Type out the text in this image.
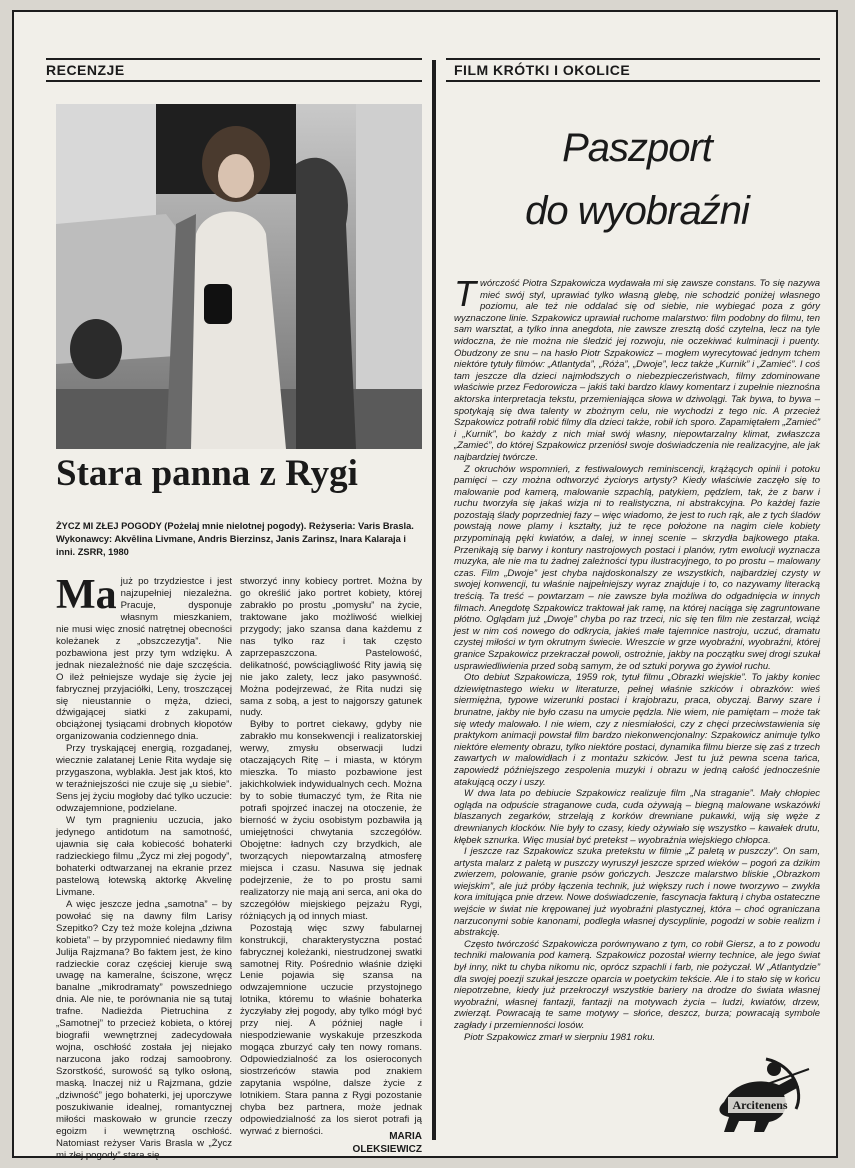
RECENZJE	FILM KRÓTKI I OKOLICE
Stara panna z Rygi
ŻYCZ MI ZŁEJ POGODY (Pożelaj mnie nielotnej pogody). Reżyseria: Varis Brasla. Wykonawcy: Akvēlina Livmane, Andris Bierzinsz, Janis Zarinsz, Inara Kalaraja i inni. ZSRR, 1980

Ma już po trzydziestce i jest najzupełniej niezależna. Pracuje, dysponuje własnym mieszkaniem, nie musi więc znosić natrętnej obecności koleżanek z „obszczezytja”. Nie pozbawiona jest przy tym wdzięku. A jednak niezależność nie daje szczęścia. O ileż pełniejsze wydaje się życie jej fabrycznej przyjaciółki, Leny, troszczącej się nieustannie o męża, dzieci, dźwigającej siatki z zakupami, obciążonej tysiącami drobnych kłopotów organizowania codziennego dnia.

Przy tryskającej energią, rozgadanej, wiecznie zalatanej Lenie Rita wydaje się przygaszona, wyblakła. Jest jak ktoś, kto w teraźniejszości nie czuje się „u siebie”. Sens jej życiu mogłoby dać tylko uczucie: odwzajemnione, podzielane.

W tym pragnieniu uczucia, jako jedynego antidotum na samotność, ujawnia się cała kobiecość bohaterki radzieckiego filmu „Życz mi złej pogody”, bohaterki odtwarzanej na ekranie przez pastelową łotewską aktorkę Akvelinę Livmane.

A więc jeszcze jedna „samotna” – by powołać się na dawny film Larisy Szepitko? Czy też może kolejna „dziwna kobieta” – by przypomnieć niedawny film Julija Rajzmana? Bo faktem jest, że kino radzieckie coraz częściej kieruje swą uwagę na kameralne, ściszone, wręcz banalne „mikrodramaty” powszedniego dnia. Ale nie, te porównania nie są tutaj trafne. Nadieżda Pietruchina z „Samotnej” to przecież kobieta, o której biografii wewnętrznej zadecydowała wojna, oschłość została jej niejako narzucona jako rodzaj samoobrony. Szorstkość, surowość są tylko osłoną, maską. Inaczej niż u Rajzmana, gdzie „dziwność” jego bohaterki, jej uporczywe poszukiwanie idealnej, romantycznej miłości maskowało w gruncie rzeczy egoizm i wewnętrzną oschłość. Natomiast reżyser Varis Brasla w „Życz mi złej pogody” stara się

stworzyć inny kobiecy portret. Można by go określić jako portret kobiety, której zabrakło po prostu „pomysłu” na życie, traktowane jako możliwość wielkiej przygody; jako szansa dana każdemu z nas tylko raz i tak często zaprzepaszczona. Pastelowość, delikatność, powściągliwość Rity jawią się nie jako zalety, lecz jako pasywność. Można podejrzewać, że Rita nudzi się sama z sobą, a jest to najgorszy gatunek nudy.

Byłby to portret ciekawy, gdyby nie zabrakło mu konsekwencji i realizatorskiej werwy, zmysłu obserwacji ludzi otaczających Ritę – i miasta, w którym mieszka. To miasto pozbawione jest jakichkolwiek indywidualnych cech. Można by to sobie tłumaczyć tym, że Rita nie potrafi spojrzeć inaczej na otoczenie, że bierność w życiu osobistym pozbawiła ją umiejętności chwytania szczegółów. Obojętne: ładnych czy brzydkich, ale tworzących niepowtarzalną atmosferę miejsca i czasu. Nasuwa się jednak podejrzenie, że to po prostu sami realizatorzy nie mają ani serca, ani oka do szczegółów miejskiego pejzażu Rygi, różniących ją od innych miast.

Pozostają więc szwy fabularnej konstrukcji, charakterystyczna postać fabrycznej koleżanki, niestrudzonej swatki samotnej Rity. Pośrednio właśnie dzięki Lenie pojawia się szansa na odwzajemnione uczucie przystojnego lotnika, któremu to właśnie bohaterka życzyłaby złej pogody, aby tylko mógł być przy niej. A później nagłe i niespodziewanie wyskakuje przeszkoda mogąca zburzyć cały ten nowy romans. Odpowiedzialność za los osieroconych siostrzeńców stawia pod znakiem zapytania wspólne, dalsze życie z lotnikiem. Stara panna z Rygi pozostanie chyba bez partnera, może jednak odpowiedzialność za los sierot potrafi ją wyrwać z bierności.	MARIA
OLEKSIEWICZ
Paszport
do wyobraźni

Twórczość Piotra Szpakowicza wydawała mi się zawsze constans. To się nazywa mieć swój styl, uprawiać tylko własną glebę, nie schodzić poniżej własnego poziomu, ale też nie oddalać się od siebie, nie wybiegać poza z góry wyznaczone linie. Szpakowicz uprawiał ruchome malarstwo: film podobny do filmu, ten sam warsztat, a tylko inna anegdota, nie zawsze zresztą dość czytelna, lecz na tyle widoczna, że nie można nie śledzić jej rozwoju, nie oczekiwać kulminacji i puenty. Obudzony ze snu – na hasło Piotr Szpakowicz – mogłem wyrecytować jednym tchem niektóre tytuły filmów: „Atlantyda”, „Róża”, „Dwoje”, lecz także „Kurnik” i „Zamieć”. I coś tam jeszcze dla dzieci najmłodszych o niebezpieczeństwach, filmy zdominowane właściwie przez Fedorowicza – jakiś taki bardzo klawy komentarz i zupełnie nieznośna aktorska interpretacja tekstu, przemieniająca słowa w dziwolągi. Tak bywa, to bywa – spotykają się dwa talenty w zbożnym celu, nie wychodzi z tego nic. A przecież Szpakowicz potrafił robić filmy dla dzieci także, robił ich sporo. Zapamiętałem „Zamieć” i „Kurnik”, bo każdy z nich miał swój własny, niepowtarzalny klimat, zwłaszcza „Zamieć”, do której Szpakowicz przeniósł swoje doświadczenia nie realizacyjne, ale jak najbardziej twórcze.

Z okruchów wspomnień, z festiwalowych reminiscencji, krążących opinii i potoku pamięci – czy można odtworzyć życiorys artysty? Kiedy właściwie zaczęło się to malowanie pod kamerą, malowanie szpachlą, patykiem, pędzlem, tak, że z barw i ruchu tworzyła się jakaś wizja ni to realistyczna, ni abstrakcyjna. Po każdej fazie pozostają ślady poprzedniej fazy – więc wiadomo, że jest to ruch rąk, ale z tych śladów powstają nowe plamy i kształty, już te ręce położone na nagim ciele kobiety przypominają pęki kwiatów, a dalej, w innej scenie – skrzydła bajkowego ptaka. Przenikają się barwy i kontury nastrojowych postaci i planów, rytm ewolucji wyznacza muzyka, ale nie ma tu żadnej zależności typu ilustracyjnego, to po prostu – malowany czas. Film „Dwoje” jest chyba najdoskonalszy ze wszystkich, najbardziej czysty w swojej konwencji, tu właśnie najpełniejszy wyraz znajduje i to, co nazywamy literacką treścią. Ta treść – powtarzam – nie zawsze była możliwa do odgadnięcia w innych filmach. Anegdotę Szpakowicz traktował jak ramę, na której naciąga się zagruntowane płótno. Oglądam już „Dwoje” chyba po raz trzeci, nic się ten film nie zestarzał, wciąż jest w nim coś nowego do odkrycia, jakieś małe tajemnice nastroju, uczuć, dramatu czystej miłości w tym okrutnym świecie. Wreszcie w grze wyobraźni, wyobraźni, której granice Szpakowicz przekraczał powoli, ostrożnie, jakby na początku swej drogi szukał usprawiedliwienia przed sobą samym, że od sztuki porywa go żywioł ruchu.

Oto debiut Szpakowicza, 1959 rok, tytuł filmu „Obrazki wiejskie”. To jakby koniec dziewiętnastego wieku w literaturze, pełnej właśnie szkiców i obrazków: wieś siermiężna, typowe wizerunki postaci i krajobrazu, praca, obyczaj. Barwy szare i brunatne, jakby nie było czasu na umycie pędzla. Nie wiem, nie pamiętam – może tak się wtedy malowało. I nie wiem, czy z niesmiałości, czy z chęci przeciwstawienia się praktykom animacji powstał film bardzo niekonwencjonalny: Szpakowicz animuje tylko niektóre elementy obrazu, tylko niektóre postaci, dynamika filmu bierze się zaś z trzech zawartych w malowidłach i z montażu szkiców. Jest tu już pewna scena tańca, zapowiedź późniejszego zespolenia muzyki i obrazu w jedną całość jednocześnie atakującą oczy i uszy.

W dwa lata po debiucie Szpakowicz realizuje film „Na straganie”. Mały chłopiec ogląda na odpuście straganowe cuda, cuda ożywają – biegną malowane wskazówki blaszanych zegarków, strzelają z korków drewniane pukawki, wiją się węże z drewnianych klocków. Nie były to czasy, kiedy ożywiało się wszystko – kawałek drutu, kłębek sznurka. Więc musiał być pretekst – wyobraźnia wiejskiego chłopca.

I jeszcze raz Szpakowicz szuka pretekstu w filmie „Z paletą w puszczy”. On sam, artysta malarz z paletą w puszczy wyruszył jeszcze sprzed wieków – pogoń za dzikim zwierzem, polowanie, granie psów gończych. Jeszcze malarstwo bliskie „Obrazkom wiejskim”, ale już próby łączenia technik, już większy ruch i nowe tworzywo – zwykła kora imitująca pnie drzew. Nowe doświadczenie, fascynacja fakturą i chyba ostateczne wejście w świat nie krępowanej już wyobraźni plastycznej, która – choć ograniczana narzuconymi sobie kanonami, podległa własnej dyscyplinie, pogodzi w sobie realizm i abstrakcję.

Często twórczość Szpakowicza porównywano z tym, co robił Giersz, a to z powodu techniki malowania pod kamerą. Szpakowicz pozostał wierny technice, ale jego świat był inny, nikt tu chyba nikomu nic, oprócz szpachli i farb, nie pożyczał. W „Atlantydzie” dla swojej poezji szukał jeszcze oparcia w poetyckim tekście. Ale i to stało się w końcu niepotrzebne, kiedy już przekroczył wszystkie bariery na drodze do świata własnej wyobraźni, własnej fantazji, fantazji na motywach życia – ludzi, kwiatów, drzew, zwierząt. Powracają te same motywy – słońce, deszcz, burza; powracają symbole zagłady i przemienności losów.

Piotr Szpakowicz zmarł w sierpniu 1981 roku.

Arcitenens
